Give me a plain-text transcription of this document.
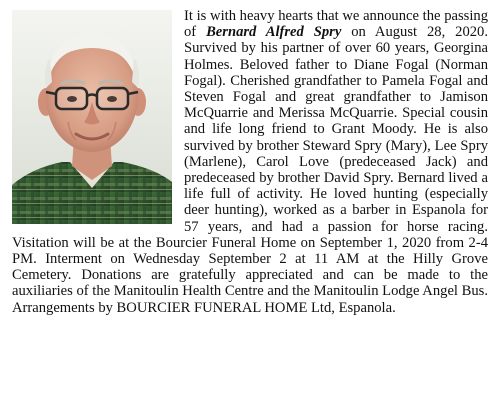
It is with heavy hearts that we announce the passing of Bernard Alfred Spry on August 28, 2020. Survived by his partner of over 60 years, Georgina Holmes. Beloved father to Diane Fogal (Norman Fogal). Cherished grandfather to Pamela Fogal and Steven Fogal and great grandfather to Jamison McQuarrie and Merissa McQuarrie. Special cousin and life long friend to Grant Moody. He is also survived by brother Steward Spry (Mary), Lee Spry (Marlene), Carol Love (predeceased Jack) and predeceased by brother David Spry. Bernard lived a life full of activity. He loved hunting (especially deer hunting), worked as a barber in Espanola for 57 years, and had a passion for horse racing. Visitation will be at the Bourcier Funeral Home on September 1, 2020 from 2-4 PM. Interment on Wednesday September 2 at 11 AM at the Hilly Grove Cemetery. Donations are gratefully appreciated and can be made to the auxiliaries of the Manitoulin Health Centre and the Manitoulin Lodge Angel Bus. Arrangements by BOURCIER FUNERAL HOME Ltd, Espanola.
